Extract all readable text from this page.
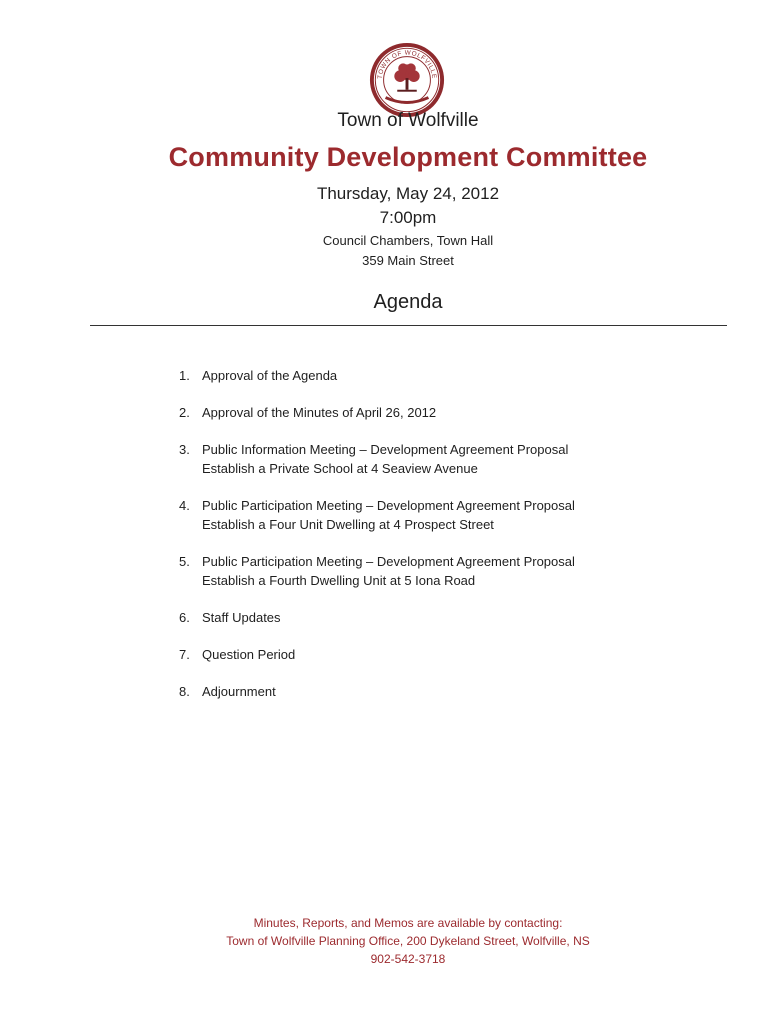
TOWN OF WOLFVILLE
Town of Wolfville
Community Development Committee
Thursday, May 24, 2012
7:00pm
Council Chambers, Town Hall
359 Main Street
Agenda
1. Approval of the Agenda
2. Approval of the Minutes of April 26, 2012
3. Public Information Meeting – Development Agreement Proposal
Establish a Private School at 4 Seaview Avenue
4. Public Participation Meeting – Development Agreement Proposal
Establish a Four Unit Dwelling at 4 Prospect Street
5. Public Participation Meeting – Development Agreement Proposal
Establish a Fourth Dwelling Unit at 5 Iona Road
6. Staff Updates
7. Question Period
8. Adjournment
Minutes, Reports, and Memos are available by contacting:
Town of Wolfville Planning Office, 200 Dykeland Street, Wolfville, NS
902-542-3718
